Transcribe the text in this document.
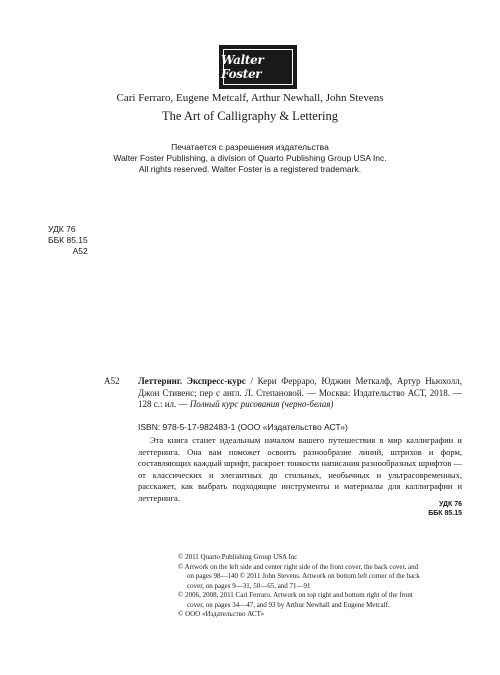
Walter Foster
Cari Ferraro, Eugene Metcalf, Arthur Newhall, John Stevens
The Art of Calligraphy & Lettering
Печатается с разрешения издательства
Walter Foster Publishing, a division of Quarto Publishing Group USA Inc.
All rights reserved. Walter Foster is a registered trademark.
УДК 76
ББК 85.15
А52
А52 Леттеринг. Экспресс-курс / Кери Ферраро, Юджин Меткалф, Артур Ньюхолл, Джон Стивенс; пер с англ. Л. Степановой. — Москва: Издательство АСТ, 2018. — 128 с.: ил. — Полный курс рисования (черно-белая)
ISBN: 978-5-17-982483-1 (ООО «Издательство АСТ»)
Эта книга станет идеальным началом вашего путешествия в мир каллиграфии и леттеринга. Она вам поможет освоить разнообразие линий, штрихов и форм, составляющих каждый шрифт, раскроет тонкости написания разнообразных шрифтов — от классических и элегантных до стильных, необычных и ультрасовременных, расскажет, как выбрать подходящие инструменты и материалы для каллиграфии и леттеринга.
УДК 76
ББК 85.15

© 2011 Quarto Publishing Group USA Inc

© Artwork on the left side and center right side of the front cover, the back cover, and on pages 98—140 © 2011 John Stevens. Artwork on bottom left corner of the back cover, on pages 9—31, 50—65, and 71—91

© 2006, 2008, 2011 Cari Ferraro. Artwork on top right and bottom right of the front cover, on pages 34—47, and 93 by Arthur Newhall and Eugene Metcalf.

© ООО «Издательство АСТ»
